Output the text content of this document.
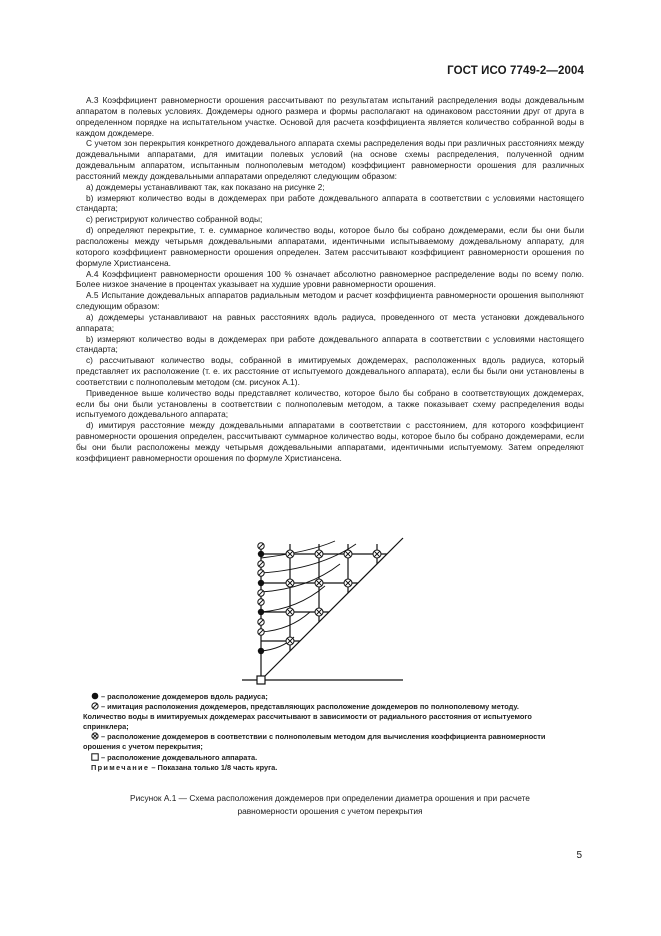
ГОСТ ИСО 7749-2—2004

А.3 Коэффициент равномерности орошения рассчитывают по результатам испытаний распределения воды дождевальным аппаратом в полевых условиях. Дождемеры одного размера и формы располагают на одинаковом расстоянии друг от друга в определенном порядке на испытательном участке. Основой для расчета коэффициента является количество собранной воды в каждом дождемере.

С учетом зон перекрытия конкретного дождевального аппарата схемы распределения воды при различных расстояниях между дождевальными аппаратами, для имитации полевых условий (на основе схемы распределения, полученной одним дождевальным аппаратом, испытанным полнополевым методом) коэффициент равномерности орошения для различных расстояний между дождевальными аппаратами определяют следующим образом:

а) дождемеры устанавливают так, как показано на рисунке 2;

b) измеряют количество воды в дождемерах при работе дождевального аппарата в соответствии с условиями настоящего стандарта;

c) регистрируют количество собранной воды;

d) определяют перекрытие, т. е. суммарное количество воды, которое было бы собрано дождемерами, если бы они были расположены между четырьмя дождевальными аппаратами, идентичными испытываемому дождевальному аппарату, для которого коэффициент равномерности орошения определен. Затем рассчитывают коэффициент равномерности орошения по формуле Христиансена.

А.4 Коэффициент равномерности орошения 100 % означает абсолютно равномерное распределение воды по всему полю. Более низкое значение в процентах указывает на худшие уровни равномерности орошения.

А.5 Испытание дождевальных аппаратов радиальным методом и расчет коэффициента равномерности орошения выполняют следующим образом:

а) дождемеры устанавливают на равных расстояниях вдоль радиуса, проведенного от места установки дождевального аппарата;

b) измеряют количество воды в дождемерах при работе дождевального аппарата в соответствии с условиями настоящего стандарта;

c) рассчитывают количество воды, собранной в имитируемых дождемерах, расположенных вдоль радиуса, который представляет их расположение (т. е. их расстояние от испытуемого дождевального аппарата), если бы были они установлены в соответствии с полнополевым методом (см. рисунок А.1).

Приведенное выше количество воды представляет количество, которое было бы собрано в соответствующих дождемерах, если бы они были установлены в соответствии с полнополевым методом, а также показывает схему распределения воды испытуемого дождевального аппарата;

d) имитируя расстояние между дождевальными аппаратами в соответствии с расстоянием, для которого коэффициент равномерности орошения определен, рассчитывают суммарное количество воды, которое было бы собрано дождемерами, если бы они были расположены между четырьмя дождевальными аппаратами, идентичными испытуемому. Затем определяют коэффициент равномерности орошения по формуле Христиансена.

– расположение дождемеров вдоль радиуса;
– имитация расположения дождемеров, представляющих расположение дождемеров по полнополевому методу. Количество воды в имитируемых дождемерах рассчитывают в зависимости от радиального расстояния от испытуемого спринклера;
– расположение дождемеров в соответствии с полнополевым методом для вычисления коэффициента равномерности орошения с учетом перекрытия;
– расположение дождевального аппарата.
Примечание – Показана только 1/8 часть круга.
Рисунок А.1 — Схема расположения дождемеров при определении диаметра орошения и при расчете
равномерности орошения с учетом перекрытия
5
